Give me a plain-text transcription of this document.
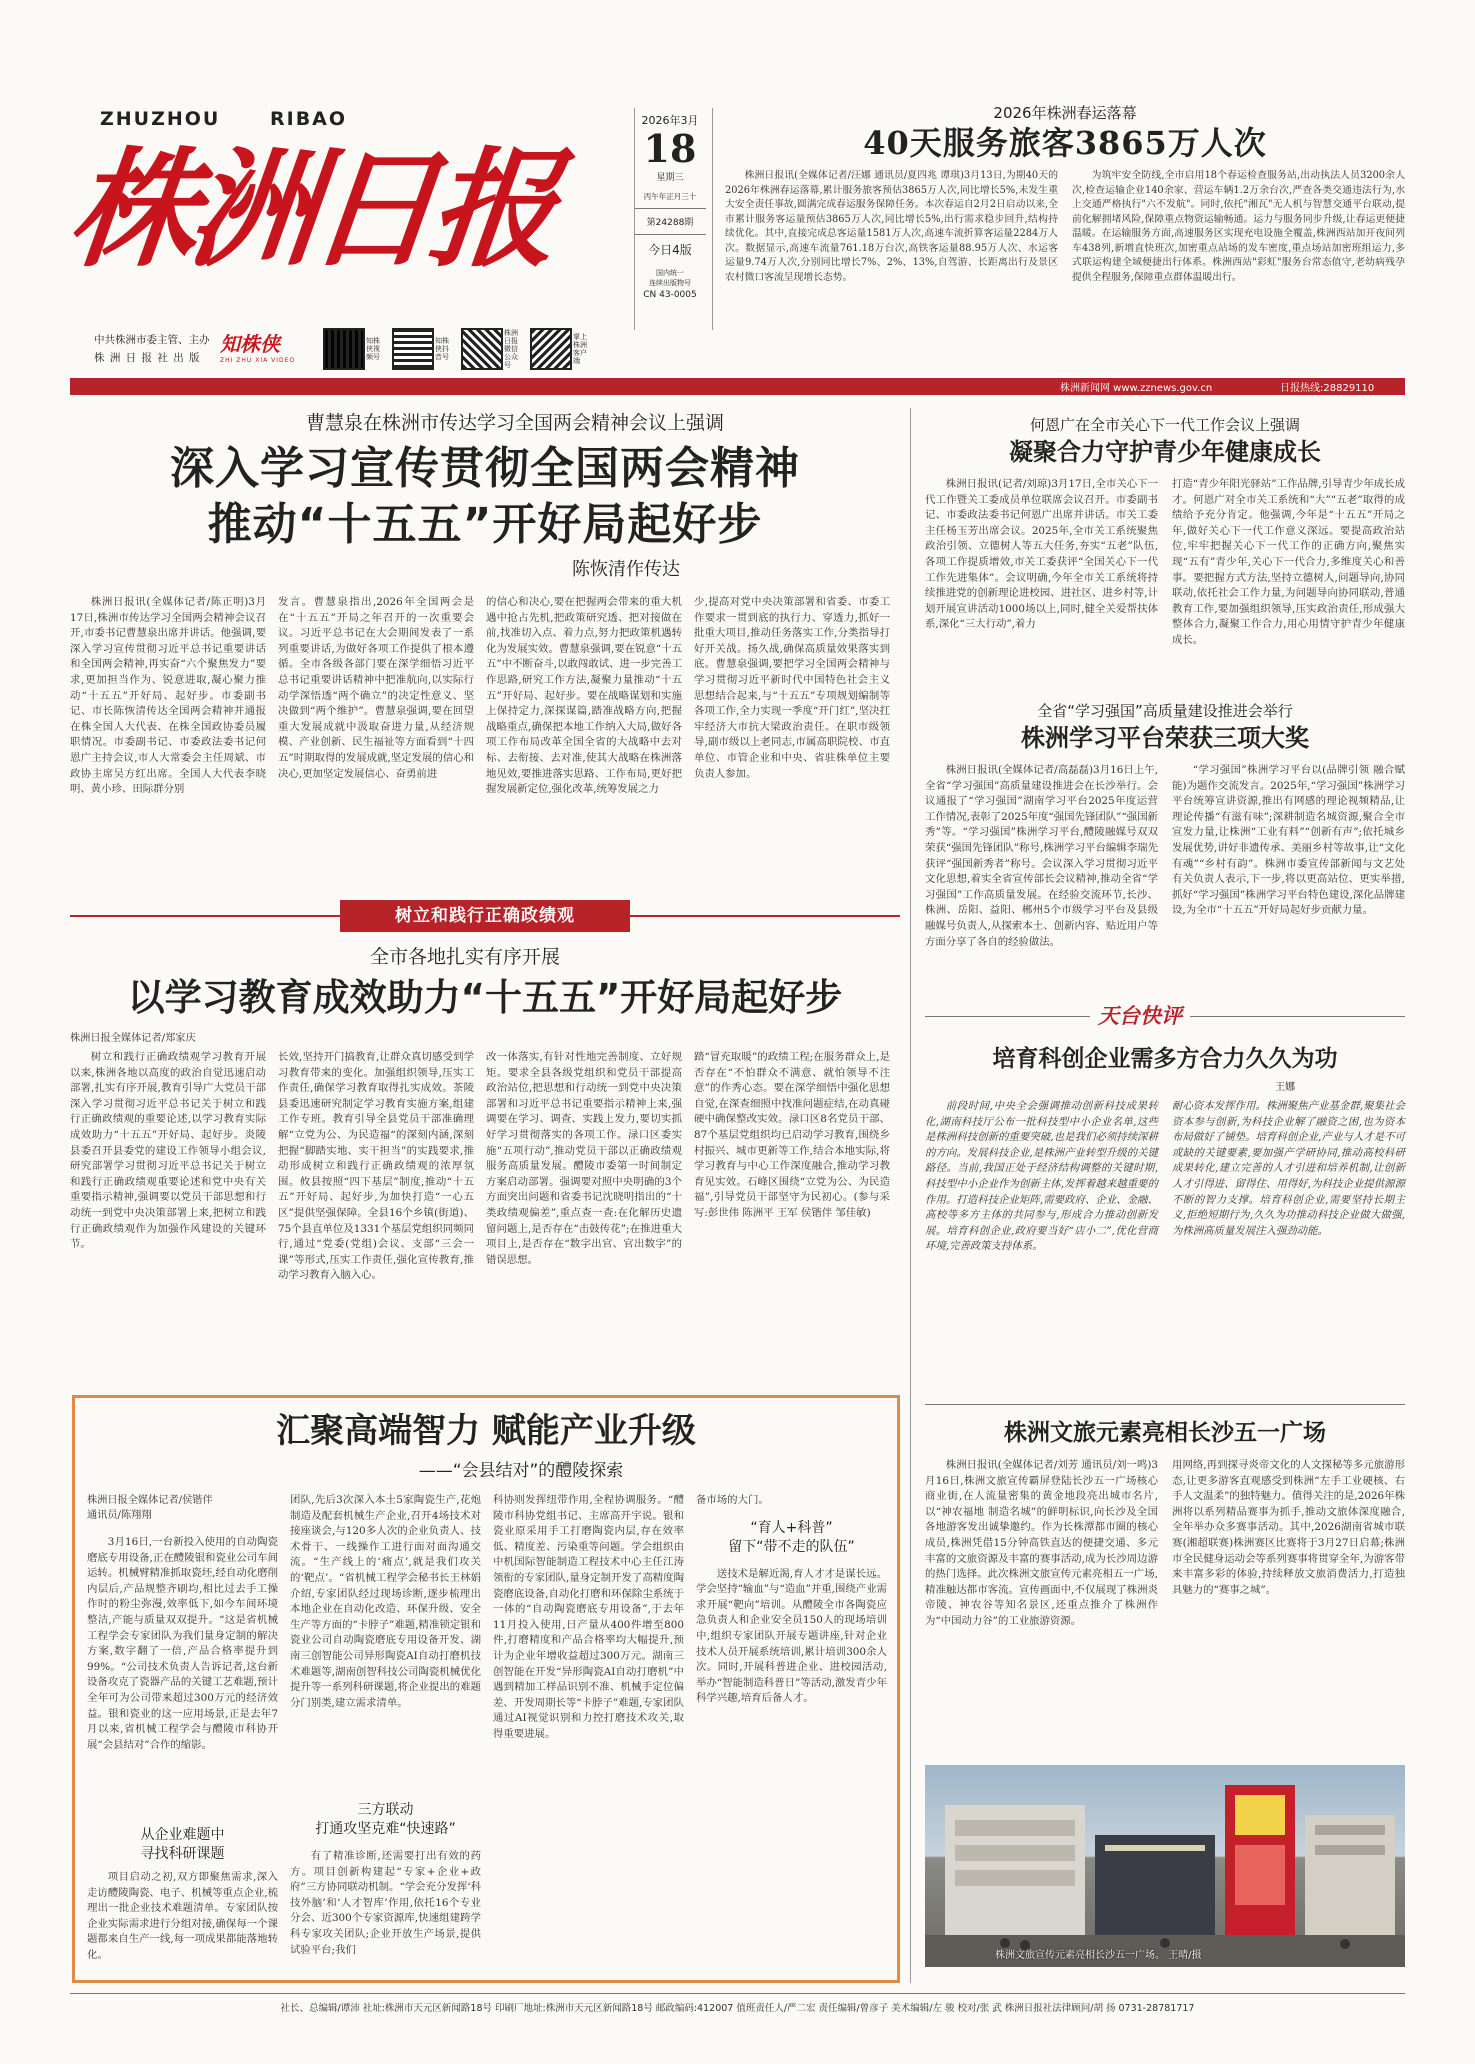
ZHUZHOU	RIBAO
株洲日报
中共株洲市委主管、主办
株 洲 日 报 社 出 版
知株侠
ZHI ZHU XIA VIDEO
知株侠视频号
知株侠抖音号
株洲日报微信公众号
掌上株洲客户端
2026年3月
18
星期三
丙午年正月三十
第24288期
今日4版
国内统一
连续出版物号
CN 43-0005
2026年株洲春运落幕
40天服务旅客3865万人次
株洲日报讯(全媒体记者/汪娜 通讯员/夏四兆 谭琪)3月13日,为期40天的2026年株洲春运落幕,累计服务旅客预估3865万人次,同比增长5%,未发生重大安全责任事故,圆满完成春运服务保障任务。本次春运自2月2日启动以来,全市累计服务客运量预估3865万人次,同比增长5%,出行需求稳步回升,结构持续优化。其中,直接完成总客运量1581万人次,高速车流折算客运量2284万人次。数据显示,高速车流量761.18万台次,高铁客运量88.95万人次、水运客运量9.74万人次,分别同比增长7%、2%、13%,自驾游、长距离出行及景区农村微口客流呈现增长态势。
为筑牢安全防线,全市启用18个春运检查服务站,出动执法人员3200余人次,检查运输企业140余家、营运车辆1.2万余台次,严查各类交通违法行为,水上交通严格执行"六不发航"。同时,依托"湘瓦"无人机与智慧交通平台联动,提前化解拥堵风险,保障重点物资运输畅通。运力与服务同步升级,让春运更便捷温暖。在运输服务方面,高速服务区实现充电设施全覆盖,株洲西站加开夜间列车438列,新增直快班次,加密重点站场的发车密度,重点场站加密班组运力,多式联运构建全域便捷出行体系。株洲西站"彩虹"服务台常态值守,老幼病残孕提供全程服务,保障重点群体温暖出行。
株洲新闻网 www.zznews.gov.cn	日报热线:28829110
曹慧泉在株洲市传达学习全国两会精神会议上强调
深入学习宣传贯彻全国两会精神
推动“十五五”开好局起好步
陈恢清作传达
株洲日报讯(全媒体记者/陈正明)3月17日,株洲市传达学习全国两会精神会议召开,市委书记曹慧泉出席并讲话。他强调,要深入学习宣传贯彻习近平总书记重要讲话和全国两会精神,再实奋“六个聚焦发力”要求,更加担当作为、锐意进取,凝心聚力推动“十五五”开好局、起好步。市委副书记、市长陈恢清传达全国两会精神并通报在株全国人大代表、在株全国政协委员履职情况。市委副书记、市委政法委书记何恩广主持会议,市人大常委会主任周斌、市政协主席吴方红出席。全国人大代表李晓明、黄小珍、田际群分别
发言。曹慧泉指出,2026年全国两会是在“十五五”开局之年召开的一次重要会议。习近平总书记在大会期间发表了一系列重要讲话,为做好各项工作提供了根本遵循。全市各级各部门要在深学细悟习近平总书记重要讲话精神中把准航向,以实际行动学深悟透“两个确立”的决定性意义、坚决做到“两个维护”。曹慧泉强调,要在回望重大发展成就中汲取奋进力量,从经济规模、产业创新、民生福祉等方面看到“十四五”时期取得的发展成就,坚定发展的信心和决心,更加坚定发展信心、奋勇前进
的信心和决心,要在把握两会带来的重大机遇中抢占先机,把政策研究透、把对接做在前,找准切入点、着力点,努力把政策机遇转化为发展实效。曹慧泉强调,要在锐意“十五五”中不断奋斗,以敢闯敢试、进一步完善工作思路,研究工作方法,凝聚力量推动“十五五”开好局、起好步。要在战略谋划和实施上保持定力,深探谋篇,踏准战略方向,把握战略重点,确保把本地工作纳入大局,做好各项工作布局改革全国全省的大战略中去对标、去衔接、去对准,使其大战略在株洲落地见效,要推进落实思路、工作布局,更好把握发展新定位,强化改革,统筹发展之力
少,提高对党中央决策部署和省委、市委工作要求一贯到底的执行力、穿透力,抓好一批重大项目,推动任务落实工作,分类指导打好开关战。扬久战,确保高质量效果落实到底。曹慧泉强调,要把学习全国两会精神与学习贯彻习近平新时代中国特色社会主义思想结合起来,与“十五五”专项规划编制等各项工作,全力实现一季度“开门红”,坚决扛牢经济大市抗大梁政治责任。在职市级领导,副市级以上老同志,市属高职院校、市直单位、市管企业和中央、省驻株单位主要负责人参加。
何恩广在全市关心下一代工作会议上强调
凝聚合力守护青少年健康成长
株洲日报讯(记者/刘琼)3月17日,全市关心下一代工作暨关工委成员单位联席会议召开。市委副书记、市委政法委书记何恩广出席并讲话。市关工委主任杨玉芳出席会议。2025年,全市关工系统聚焦政治引领、立德树人等五大任务,夯实“五老”队伍,各项工作提质增效,市关工委获评“全国关心下一代工作先进集体”。会议明确,今年全市关工系统将持续推进党的创新理论进校园、进社区、进乡村等,计划开展宣讲活动1000场以上,同时,健全关爱帮扶体系,深化“三大行动”,着力
打造“青少年阳光驿站”工作品牌,引导青少年成长成才。何恩广对全市关工系统和“大”“五老”取得的成绩给予充分肯定。他强调,今年是“十五五”开局之年,做好关心下一代工作意义深远。要提高政治站位,牢牢把握关心下一代工作的正确方向,聚焦实现“五有”青少年,关心下一代合力,多维度关心和善事。要把握方式方法,坚持立德树人,问题导向,协同联动,依托社会工作力量,为问题导向协同联动,普通教育工作,要加强组织领导,压实政治责任,形成强大整体合力,凝聚工作合力,用心用情守护青少年健康成长。
全省“学习强国”高质量建设推进会举行
株洲学习平台荣获三项大奖
株洲日报讯(全媒体记者/高磊磊)3月16日上午,全省“学习强国”高质量建设推进会在长沙举行。会议通报了“学习强国”湖南学习平台2025年度运营工作情况,表彰了2025年度“强国先锋团队”“强国新秀”等。“学习强国”株洲学习平台,醴陵融媒号双双荣获“强国先锋团队”称号,株洲学习平台编辑李瑞先获评“强国新秀者”称号。会议深入学习贯彻习近平文化思想,着实全省宣传部长会议精神,推动全省“学习强国”工作高质量发展。在经验交流环节,长沙、株洲、岳阳、益阳、郴州5个市级学习平台及县级融媒号负责人,从探索本土、创新内容、贴近用户等方面分享了各自的经验做法。
“学习强国”株洲学习平台以(品牌引领 融合赋能)为题作交流发言。2025年,“学习强国”株洲学习平台统筹宣讲资源,推出有网感的理论视频精品,让理论传播“有滋有味”;深耕制造名城资源,聚合全市宣发力量,让株洲“工业有料”“创新有声”;依托城乡发展优势,讲好非遗传承、美丽乡村等故事,让“文化有魂”“乡村有韵”。株洲市委宣传部新闻与文艺处有关负责人表示,下一步,将以更高站位、更实举措,抓好“学习强国”株洲学习平台特色建设,深化品牌建设,为全市“十五五”开好局起好步贡献力量。
树立和践行正确政绩观
全市各地扎实有序开展
以学习教育成效助力“十五五”开好局起好步
株洲日报全媒体记者/郑家庆
树立和践行正确政绩观学习教育开展以来,株洲各地以高度的政治自觉迅速启动部署,扎实有序开展,教育引导广大党员干部深入学习贯彻习近平总书记关于树立和践行正确政绩观的重要论述,以学习教育实际成效助力“十五五”开好局、起好步。炎陵县委召开县委党的建设工作领导小组会议,研究部署学习贯彻习近平总书记关于树立和践行正确政绩观重要论述和党中央有关重要指示精神,强调要以党员干部思想和行动统一到党中央决策部署上来,把树立和践行正确政绩观作为加强作风建设的关键环节。
长效,坚持开门搞教育,让群众真切感受到学习教育带来的变化。加强组织领导,压实工作责任,确保学习教育取得扎实成效。茶陵县委迅速研究制定学习教育实施方案,组建工作专班。教育引导全县党员干部准确理解“立党为公、为民造福“的深刻内涵,深刻把握“脚踏实地、实干担当”的实践要求,推动形成树立和践行正确政绩观的浓厚氛围。攸县按照“四下基层”制度,推动“十五五”开好局、起好步,为加快打造“一心五区”提供坚强保障。全县16个乡镇(街道)、75个县直单位及1331个基层党组织同频同行,通过“党委(党组)会议、支部“三会一课”等形式,压实工作责任,强化宣传教育,推动学习教育入脑入心。
改一体落实,有针对性地完善制度、立好规矩。要求全县各级党组织和党员干部提高政治站位,把思想和行动统一到党中央决策部署和习近平总书记重要指示精神上来,强调要在学习、调查、实践上发力,要切实抓好学习贯彻落实的各项工作。渌口区委实施“五项行动”,推动党员干部以正确政绩观服务高质量发展。醴陵市委第一时间制定方案启动部署。强调要对照中央明确的3个方面突出问题和省委书记沈晓明指出的“十类政绩观偏差”,重点查一查:在化解历史遗留问题上,是否存在“击鼓传花”;在推进重大项目上,是否存在“数字出官、官出数字”的错误思想。
踏“冒充取暖”的政绩工程;在服务群众上,是否存在“不怕群众不满意、就怕领导不注意”的作秀心态。要在深学细悟中强化思想自觉,在深查细照中找准问题症结,在动真碰硬中确保整改实效。渌口区8名党员干部、87个基层党组织均已启动学习教育,围绕乡村振兴、城市更新等工作,结合本地实际,将学习教育与中心工作深度融合,推动学习教育见实效。石峰区围绕“立党为公、为民造福”,引导党员干部坚守为民初心。(参与采写:彭世伟 陈洲平 王军 侯锴伴 邹佳敏)
天台快评
培育科创企业需多方合力久久为功
王娜
前段时间,中央全会强调推动创新科技成果转化,湖南科技厅公布一批科技型中小企业名单,这些是株洲科技创新的重要突破,也是我们必须持续深耕的方向。发展科技企业,是株洲产业转型升级的关键路径。当前,我国正处于经济结构调整的关键时期,科技型中小企业作为创新主体,发挥着越来越重要的作用。打造科技企业矩阵,需要政府、企业、金融、高校等多方主体的共同参与,形成合力推动创新发展。培育科创企业,政府要当好“店小二”,优化营商环境,完善政策支持体系。
耐心资本发挥作用。株洲聚焦产业基金群,聚集社会资本参与创新,为科技企业解了融资之困,也为资本布局做好了铺垫。培育科创企业,产业与人才是不可或缺的关键要素,要加强产学研协同,推动高校科研成果转化,建立完善的人才引进和培养机制,让创新人才引得进、留得住、用得好,为科技企业提供源源不断的智力支撑。培育科创企业,需要坚持长期主义,拒绝短期行为,久久为功推动科技企业做大做强,为株洲高质量发展注入强劲动能。
汇聚高端智力 赋能产业升级
——“会县结对”的醴陵探索
株洲日报全媒体记者/侯锴伴
通讯员/陈翔翔
3月16日,一台新投入使用的自动陶瓷磨底专用设备,正在醴陵银和瓷业公司车间运转。机械臂精准抓取瓷坯,经自动化磨削内层后,产品规整齐刷均,相比过去手工操作时的粉尘弥漫,效率低下,如今车间环境整洁,产能与质量双双提升。“这是省机械工程学会专家团队为我们量身定制的解决方案,数字翻了一倍,产品合格率提升到99%。“公司技术负责人告诉记者,这台新设备攻克了瓷器产品的关键工艺难题,预计全年可为公司带来超过300万元的经济效益。银和瓷业的这一应用场景,正是去年7月以来,省机械工程学会与醴陵市科协开展“会县结对”合作的缩影。
从企业难题中
寻找科研课题
项目启动之初,双方即聚焦需求,深入走访醴陵陶瓷、电子、机械等重点企业,梳理出一批企业技术难题清单。专家团队按企业实际需求进行分组对接,确保每一个课题都来自生产一线,每一项成果都能落地转化。
团队,先后3次深入本土5家陶瓷生产,花炮制造及配套机械生产企业,召开4场技术对接座谈会,与120多人次的企业负责人、技术骨干、一线操作工进行面对面沟通交流。“生产线上的‘痛点’,就是我们攻关的‘靶点’。“省机械工程学会秘书长王林娟介绍,专家团队经过现场诊断,逐步梳理出本地企业在自动化改造、环保升级、安全生产等方面的“卡脖子”难题,精准锁定银和瓷业公司自动陶瓷磨底专用设备开发、湖南三创智能公司异形陶瓷AI自动打磨机技术难题等,湖南创智科技公司陶瓷机械优化提升等一系列科研课题,将企业提出的难题分门别类,建立需求清单。
三方联动
打通攻坚克难“快速路”
有了精准诊断,还需要打出有效的药方。项目创新构建起“专家+企业+政府”三方协同联动机制。“学会充分发挥‘科技外脑’和‘人才智库’作用,依托16个专业分会、近300个专家资源库,快速组建跨学科专家攻关团队;企业开放生产场景,提供试验平台;我们
科协则发挥纽带作用,全程协调服务。“醴陵市科协党组书记、主席高开宇说。银和瓷业原采用手工打磨陶瓷内层,存在效率低、精度差、污染重等问题。学会组织由中机国际智能制造工程技术中心主任江涛领衔的专家团队,量身定制开发了高精度陶瓷磨底设备,自动化打磨和环保除尘系统于一体的“自动陶瓷磨底专用设备”,于去年11月投入使用,日产量从400件增至800件,打磨精度和产品合格率均大幅提升,预计为企业年增收益超过300万元。湖南三创智能在开发“异形陶瓷AI自动打磨机”中遇到精加工样品识别不准、机械手定位偏差、开发周期长等“卡脖子”难题,专家团队通过AI视觉识别和力控打磨技术攻关,取得重要进展。
备市场的大门。
“育人+科普”
留下“带不走的队伍”
送技术是解近渴,育人才才是谋长远。学会坚持“输血”与“造血”并重,围绕产业需求开展“靶向”培训。从醴陵全市各陶瓷应急负责人和企业安全员150人的现场培训中,组织专家团队开展专题讲座,针对企业技术人员开展系统培训,累计培训300余人次。同时,开展科普进企业、进校园活动,举办“智能制造科普日”等活动,激发青少年科学兴趣,培育后备人才。
株洲文旅元素亮相长沙五一广场
株洲日报讯(全媒体记者/刘芳 通讯员/刘一鸣)3月16日,株洲文旅宣传霸屏登陆长沙五一广场核心商业街,在人流量密集的黄金地段亮出城市名片,以“神农福地 制造名城”的鲜明标识,向长沙及全国各地游客发出诚挚邀约。作为长株潭都市圈的核心成员,株洲凭借15分钟高铁直达的便捷交通、多元丰富的文旅资源及丰富的赛事活动,成为长沙周边游的热门选择。此次株洲文旅宣传元素亮相五一广场,精准触达都市客流。宣传画面中,不仅展现了株洲炎帝陵、神农谷等知名景区,还重点推介了株洲作为“中国动力谷”的工业旅游资源。
用网络,再到探寻炎帝文化的人文探秘等多元旅游形态,让更多游客直观感受到株洲“左手工业硬核、右手人文温柔”的独特魅力。值得关注的是,2026年株洲将以系列精品赛事为抓手,推动文旅体深度融合,全年举办众多赛事活动。其中,2026湖南省城市联赛(湘超联赛)株洲赛区比赛将于3月27日启幕;株洲市全民健身运动会等系列赛事将贯穿全年,为游客带来丰富多彩的体验,持续释放文旅消费活力,打造独具魅力的“赛事之城”。
株洲文旅宣传元素亮相长沙五一广场。 王晴/摄
社长、总编辑/谭沛 社址:株洲市天元区新闻路18号 印刷厂地址:株洲市天元区新闻路18号 邮政编码:412007 值班责任人/严二宏 责任编辑/曾彦子 美术编辑/左 骏 校对/张 武 株洲日报社法律顾问/胡 扬 0731-28781717
